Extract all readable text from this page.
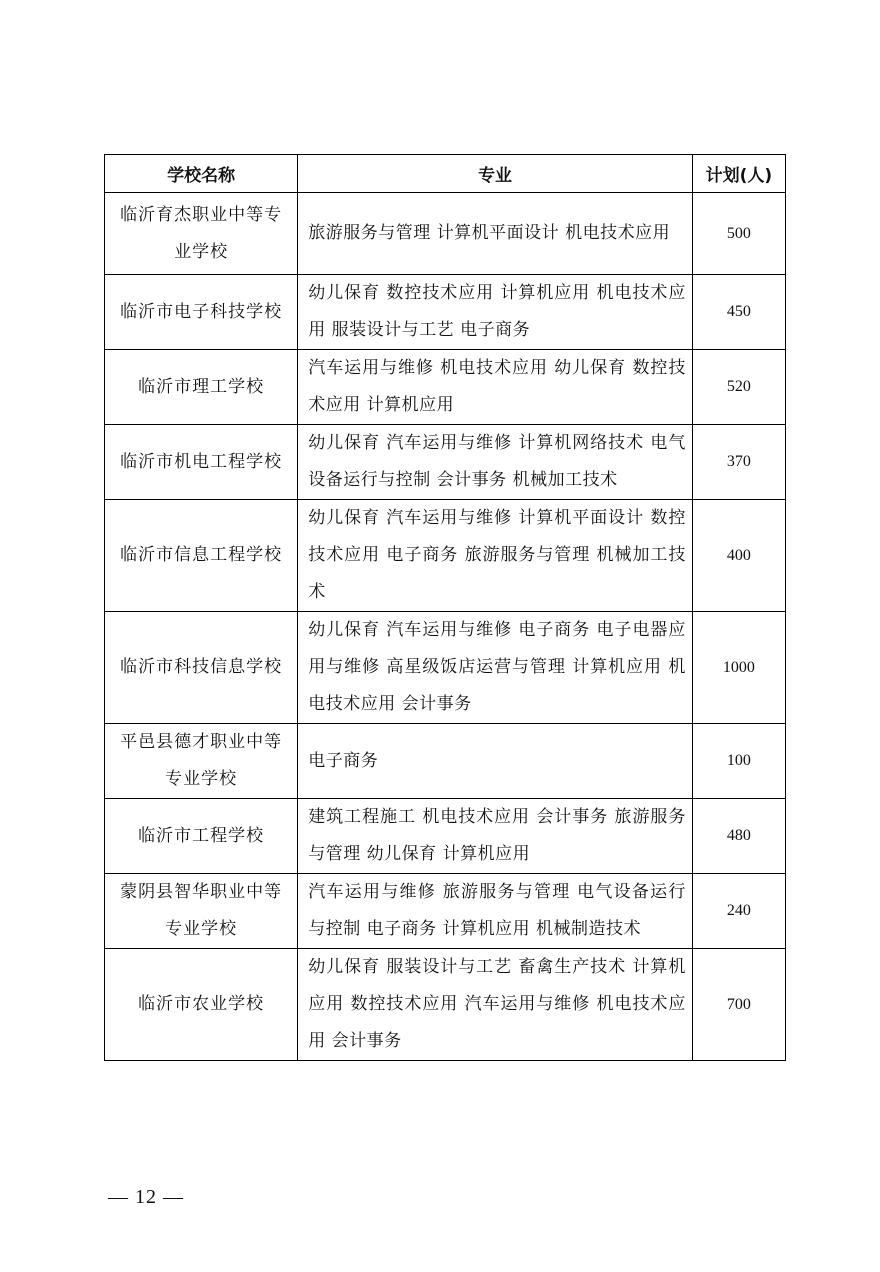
学校名称	专业	计划(人)
临沂育杰职业中等专业学校	旅游服务与管理 计算机平面设计 机电技术应用	500
临沂市电子科技学校	幼儿保育 数控技术应用 计算机应用 机电技术应用 服装设计与工艺 电子商务	450
临沂市理工学校	汽车运用与维修 机电技术应用 幼儿保育 数控技术应用 计算机应用	520
临沂市机电工程学校	幼儿保育 汽车运用与维修 计算机网络技术 电气设备运行与控制 会计事务 机械加工技术	370
临沂市信息工程学校	幼儿保育 汽车运用与维修 计算机平面设计 数控技术应用 电子商务 旅游服务与管理 机械加工技术	400
临沂市科技信息学校	幼儿保育 汽车运用与维修 电子商务 电子电器应用与维修 高星级饭店运营与管理 计算机应用 机电技术应用 会计事务	1000
平邑县德才职业中等专业学校	电子商务	100
临沂市工程学校	建筑工程施工 机电技术应用 会计事务 旅游服务与管理 幼儿保育 计算机应用	480
蒙阴县智华职业中等专业学校	汽车运用与维修 旅游服务与管理 电气设备运行与控制 电子商务 计算机应用 机械制造技术	240
临沂市农业学校	幼儿保育 服装设计与工艺 畜禽生产技术 计算机应用 数控技术应用 汽车运用与维修 机电技术应用 会计事务	700
— 12 —
